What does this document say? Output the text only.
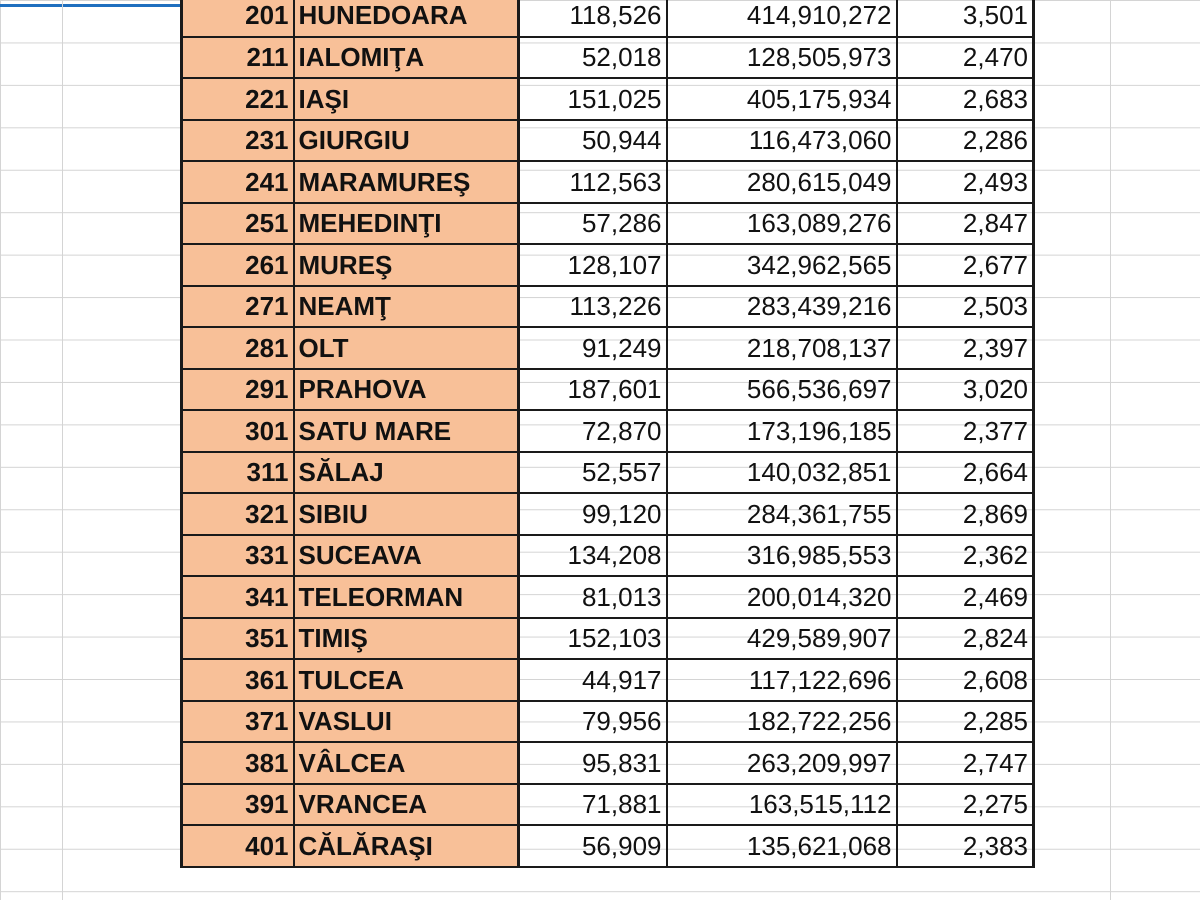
201	HUNEDOARA	118,526	414,910,272	3,501
211	IALOMIŢA	52,018	128,505,973	2,470
221	IAŞI	151,025	405,175,934	2,683
231	GIURGIU	50,944	116,473,060	2,286
241	MARAMUREŞ	112,563	280,615,049	2,493
251	MEHEDINŢI	57,286	163,089,276	2,847
261	MUREŞ	128,107	342,962,565	2,677
271	NEAMŢ	113,226	283,439,216	2,503
281	OLT	91,249	218,708,137	2,397
291	PRAHOVA	187,601	566,536,697	3,020
301	SATU MARE	72,870	173,196,185	2,377
311	SĂLAJ	52,557	140,032,851	2,664
321	SIBIU	99,120	284,361,755	2,869
331	SUCEAVA	134,208	316,985,553	2,362
341	TELEORMAN	81,013	200,014,320	2,469
351	TIMIŞ	152,103	429,589,907	2,824
361	TULCEA	44,917	117,122,696	2,608
371	VASLUI	79,956	182,722,256	2,285
381	VÂLCEA	95,831	263,209,997	2,747
391	VRANCEA	71,881	163,515,112	2,275
401	CĂLĂRAŞI	56,909	135,621,068	2,383
